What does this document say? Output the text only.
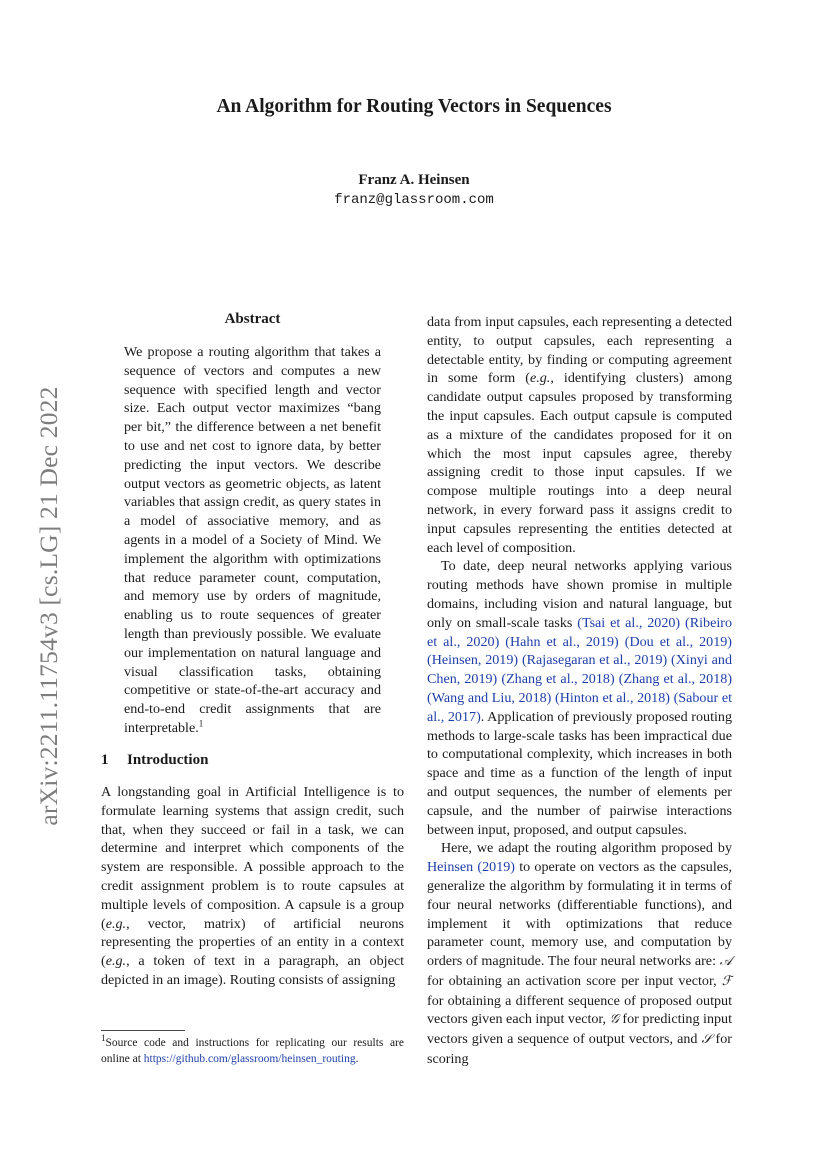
An Algorithm for Routing Vectors in Sequences
Franz A. Heinsen
franz@glassroom.com
arXiv:2211.11754v3 [cs.LG] 21 Dec 2022
Abstract
We propose a routing algorithm that takes a sequence of vectors and computes a new sequence with specified length and vector size. Each output vector maximizes “bang per bit,” the difference between a net benefit to use and net cost to ignore data, by better predicting the input vectors. We describe output vectors as geometric objects, as latent variables that assign credit, as query states in a model of associative memory, and as agents in a model of a Society of Mind. We implement the algorithm with optimizations that reduce parameter count, computation, and memory use by orders of magnitude, enabling us to route sequences of greater length than previously possible. We evaluate our implementation on natural language and visual classification tasks, obtaining competitive or state-of-the-art accuracy and end-to-end credit assignments that are interpretable.$^1$
1 Introduction

A longstanding goal in Artificial Intelligence is to formulate learning systems that assign credit, such that, when they succeed or fail in a task, we can determine and interpret which components of the system are responsible. A possible approach to the credit assignment problem is to route capsules at multiple levels of composition. A capsule is a group (e.g., vector, matrix) of artificial neurons representing the properties of an entity in a context (e.g., a token of text in a paragraph, an object depicted in an image). Routing consists of assigning

data from input capsules, each representing a detected entity, to output capsules, each representing a detectable entity, by finding or computing agreement in some form (e.g., identifying clusters) among candidate output capsules proposed by transforming the input capsules. Each output capsule is computed as a mixture of the candidates proposed for it on which the most input capsules agree, thereby assigning credit to those input capsules. If we compose multiple routings into a deep neural network, in every forward pass it assigns credit to input capsules representing the entities detected at each level of composition.

To date, deep neural networks applying various routing methods have shown promise in multiple domains, including vision and natural language, but only on small-scale tasks (Tsai et al., 2020) (Ribeiro et al., 2020) (Hahn et al., 2019) (Dou et al., 2019) (Heinsen, 2019) (Rajasegaran et al., 2019) (Xinyi and Chen, 2019) (Zhang et al., 2018) (Zhang et al., 2018) (Wang and Liu, 2018) (Hinton et al., 2018) (Sabour et al., 2017). Application of previously proposed routing methods to large-scale tasks has been impractical due to computational complexity, which increases in both space and time as a function of the length of input and output sequences, the number of elements per capsule, and the number of pairwise interactions between input, proposed, and output capsules.

Here, we adapt the routing algorithm proposed by Heinsen (2019) to operate on vectors as the capsules, generalize the algorithm by formulating it in terms of four neural networks (differentiable functions), and implement it with optimizations that reduce parameter count, memory use, and computation by orders of magnitude. The four neural networks are: 𝒜 for obtaining an activation score per input vector, ℱ for obtaining a different sequence of proposed output vectors given each input vector, 𝒢 for predicting input vectors given a sequence of output vectors, and 𝒮 for scoring

$^1$Source code and instructions for replicating our results are online at https://github.com/glassroom/heinsen_routing.
